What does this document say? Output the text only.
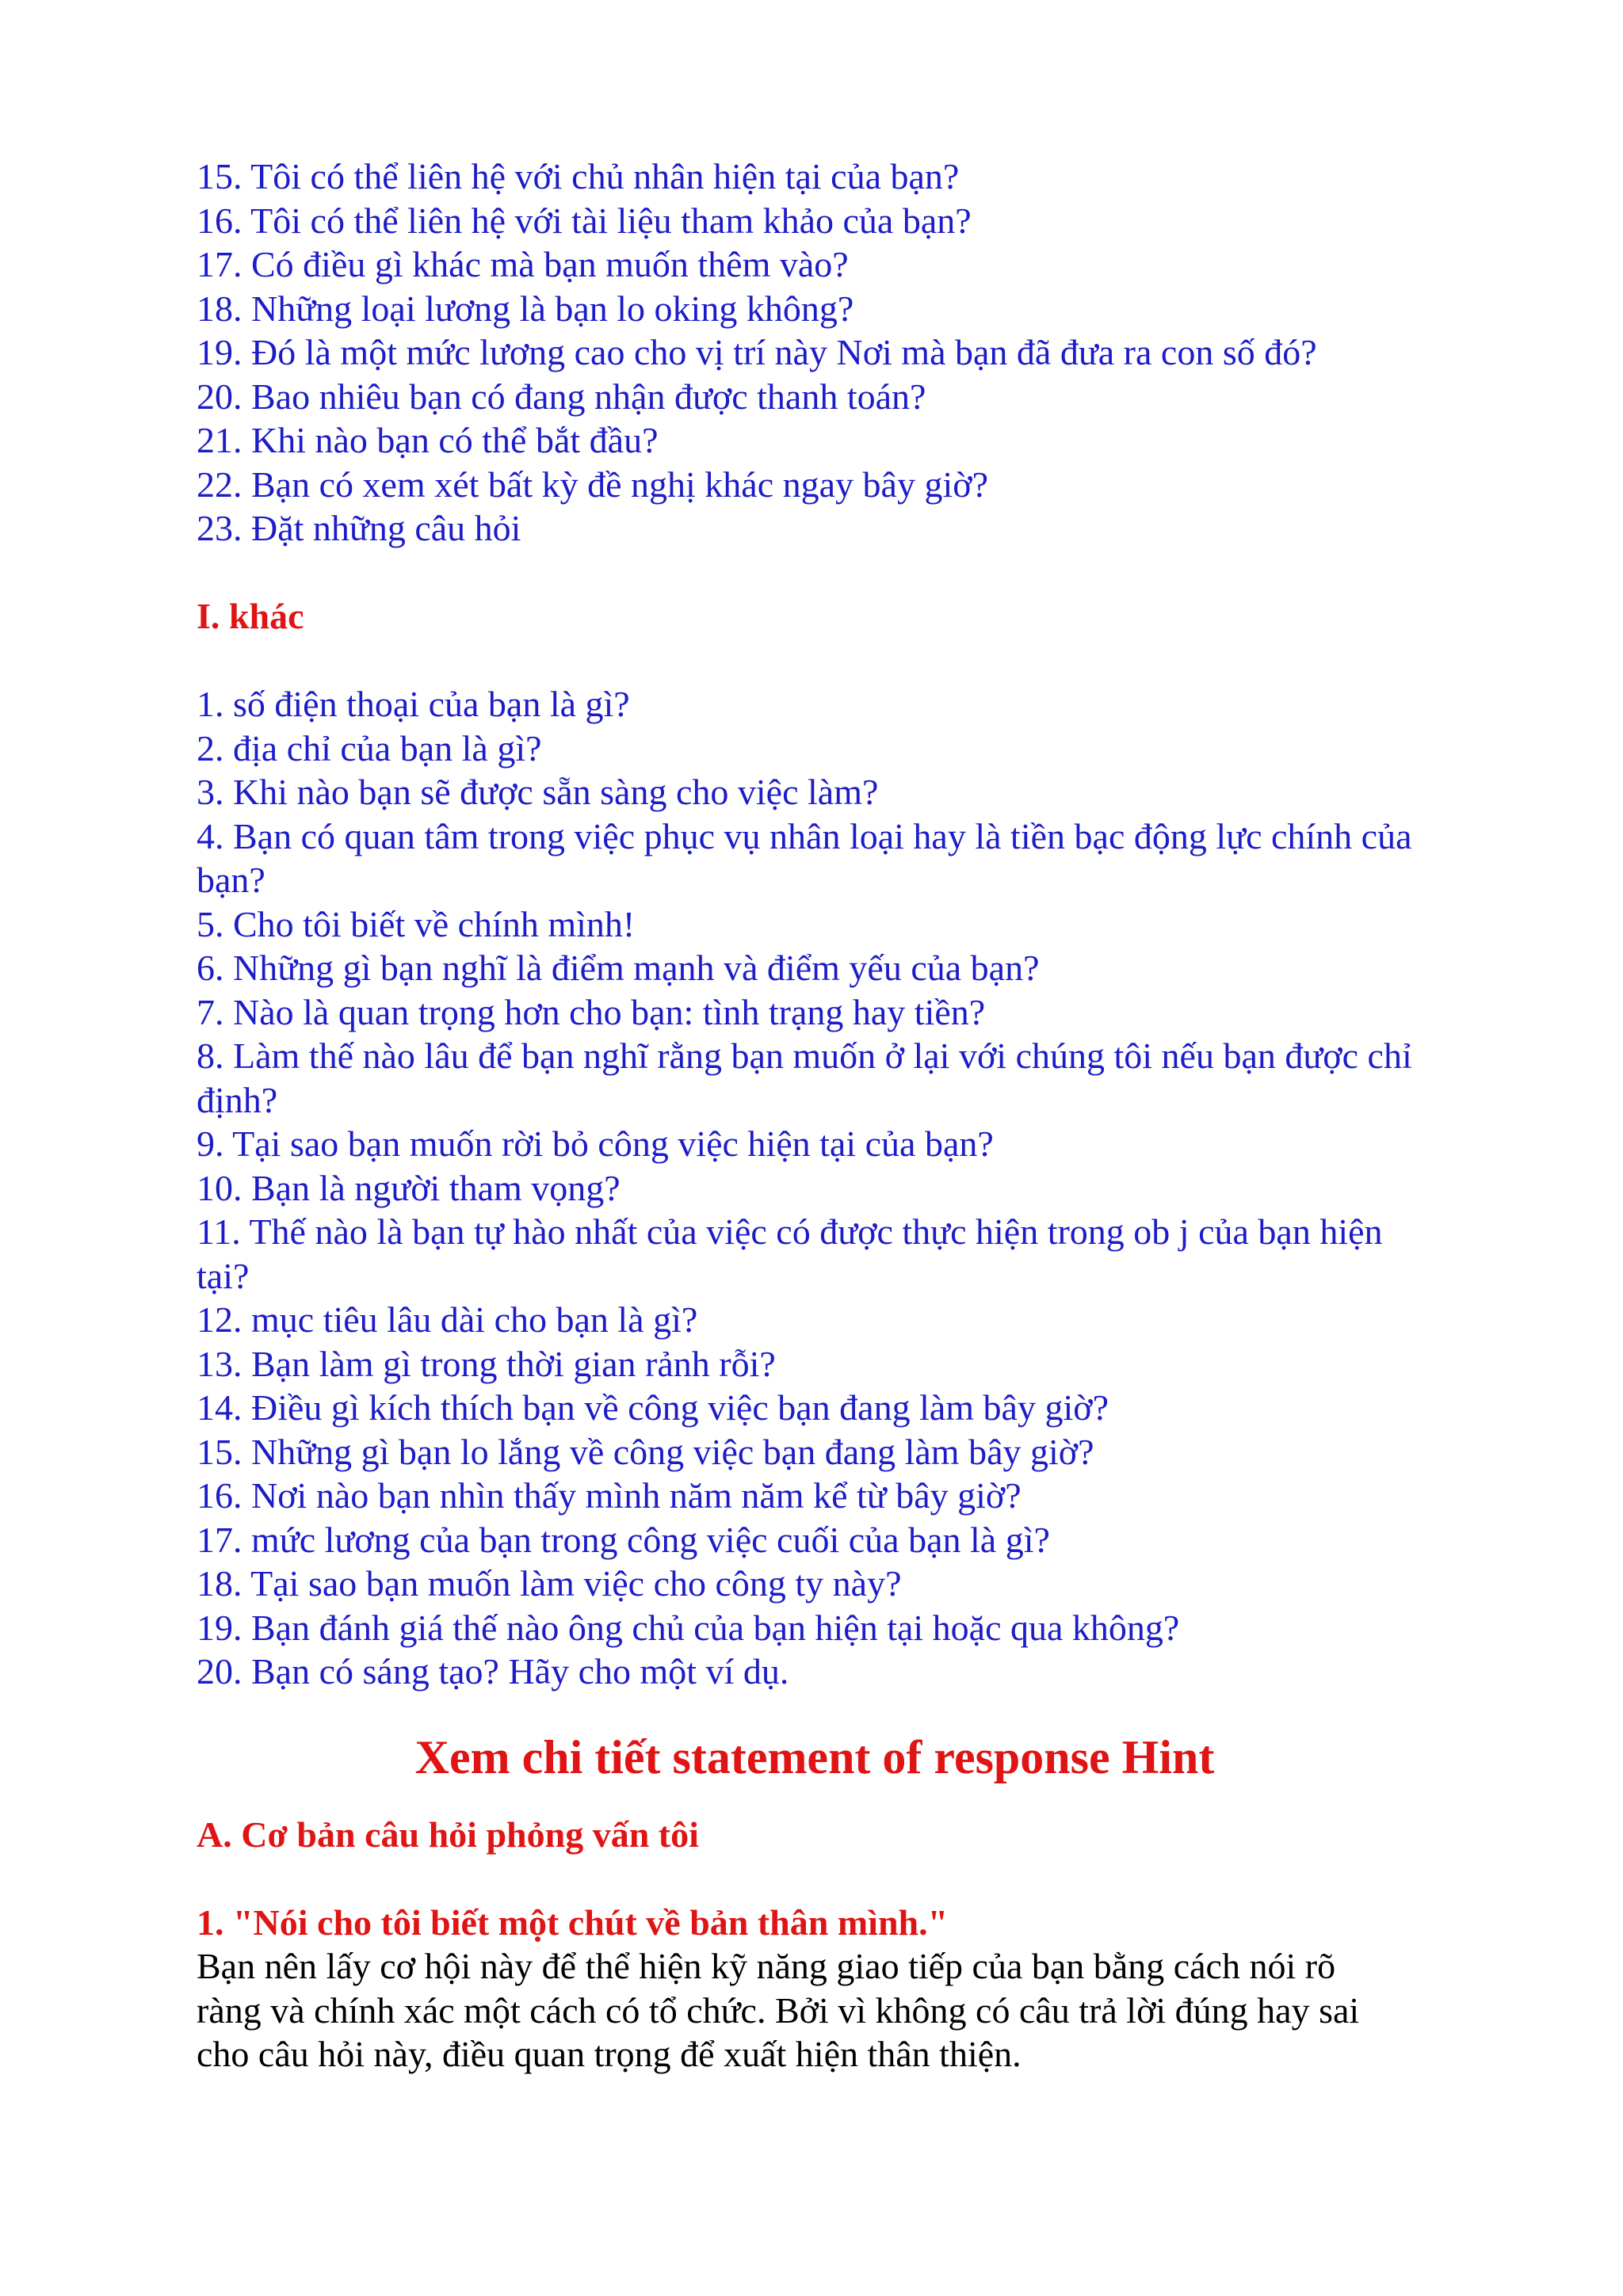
15. Tôi có thể liên hệ với chủ nhân hiện tại của bạn?
16. Tôi có thể liên hệ với tài liệu tham khảo của bạn?
17. Có điều gì khác mà bạn muốn thêm vào?
18. Những loại lương là bạn lo oking không?
19. Đó là một mức lương cao cho vị trí này Nơi mà bạn đã đưa ra con số đó?
20. Bao nhiêu bạn có đang nhận được thanh toán?
21. Khi nào bạn có thể bắt đầu?
22. Bạn có xem xét bất kỳ đề nghị khác ngay bây giờ?
23. Đặt những câu hỏi
I. khác
1. số điện thoại của bạn là gì?
2. địa chỉ của bạn là gì?
3. Khi nào bạn sẽ được sẵn sàng cho việc làm?
4. Bạn có quan tâm trong việc phục vụ nhân loại hay là tiền bạc động lực chính của bạn?
5. Cho tôi biết về chính mình!
6. Những gì bạn nghĩ là điểm mạnh và điểm yếu của bạn?
7. Nào là quan trọng hơn cho bạn: tình trạng hay tiền?
8. Làm thế nào lâu để bạn nghĩ rằng bạn muốn ở lại với chúng tôi nếu bạn được chỉ định?
9. Tại sao bạn muốn rời bỏ công việc hiện tại của bạn?
10. Bạn là người tham vọng?
11. Thế nào là bạn tự hào nhất của việc có được thực hiện trong ob j của bạn hiện tại?
12. mục tiêu lâu dài cho bạn là gì?
13. Bạn làm gì trong thời gian rảnh rỗi?
14. Điều gì kích thích bạn về công việc bạn đang làm bây giờ?
15. Những gì bạn lo lắng về công việc bạn đang làm bây giờ?
16. Nơi nào bạn nhìn thấy mình năm năm kể từ bây giờ?
17. mức lương của bạn trong công việc cuối của bạn là gì?
18. Tại sao bạn muốn làm việc cho công ty này?
19. Bạn đánh giá thế nào ông chủ của bạn hiện tại hoặc qua không?
20. Bạn có sáng tạo? Hãy cho một ví dụ.
Xem chi tiết statement of response Hint
A. Cơ bản câu hỏi phỏng vấn tôi
1. "Nói cho tôi biết một chút về bản thân mình."

Bạn nên lấy cơ hội này để thể hiện kỹ năng giao tiếp của bạn bằng cách nói rõ
ràng và chính xác một cách có tổ chức. Bởi vì không có câu trả lời đúng hay sai
cho câu hỏi này, điều quan trọng để xuất hiện thân thiện.
